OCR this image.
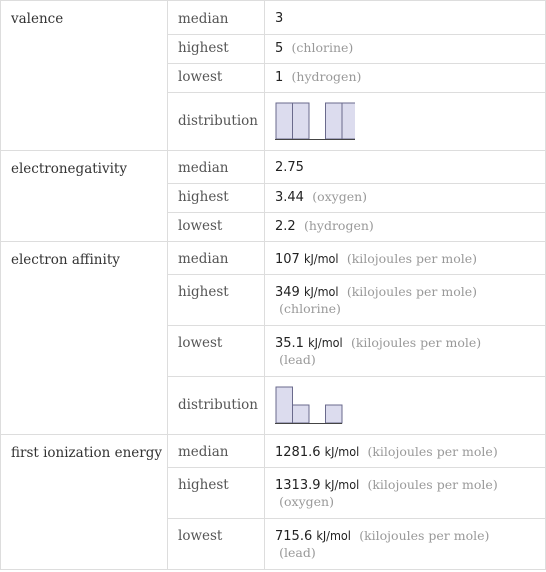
valence	median	3
	highest	5 (chlorine)
	lowest	1 (hydrogen)
	distribution	

electronegativity	median	2.75
	highest	3.44 (oxygen)
	lowest	2.2 (hydrogen)
electron affinity	median	107 kJ/mol (kilojoules per mole)
	highest	349 kJ/mol (kilojoules per mole)
(chlorine)
	lowest	35.1 kJ/mol (kilojoules per mole)
(lead)
	distribution	

first ionization energy	median	1281.6 kJ/mol (kilojoules per mole)
	highest	1313.9 kJ/mol (kilojoules per mole)
(oxygen)
	lowest	715.6 kJ/mol (kilojoules per mole)
(lead)
